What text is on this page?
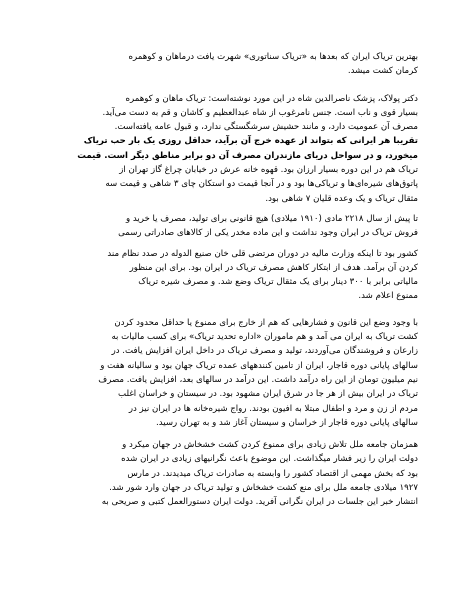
بهترین تریاک ایران که بعدها به «تریاک سناتوری» شهرت یافت درماهان و کوهمره
کرمان کشت میشد.

دکتر پولاک، پزشک ناصرالدین شاه در این مورد نوشته‌است: تریاک ماهان و کوهمره
بسیار قوی و ناب است. جنس نامرغوب از شاه عبدالعظیم و کاشان و قم به دست می‌آید.
مصرف آن عمومیت دارد، و مانند حشیش سرشگستگی ندارد، و قبول عامه یافته‌است.
تقریبا هر ایرانی که بتواند از عهده خرج آن برآید، حداقل روزی یک بار حب تریاک
میخورد، و در سواحل دریای مازندران مصرف آن دو برابر مناطق دیگر است. قیمت
تریاک هم در این دوره بسیار ارزان بود. قهوه خانه عرش در خیابان چراغ گاز تهران از
پاتوق‌های شیره‌ای‌ها و تریاکی‌ها بود و در آنجا قیمت دو استکان چای ۳ شاهی و قیمت سه
مثقال تریاک و یک وعده قلیان ۷ شاهی بود.

تا پیش از سال ۲۲۱۸ مادی (۱۹۱۰ میلادی) هیچ قانونی برای تولید، مصرف یا خرید و
فروش تریاک در ایران وجود نداشت و این ماده مخدر یکی از کالاهای صادراتی رسمی

کشور بود تا اینکه وزارت مالیه در دوران مرتضی قلی خان صنیع الدوله در صدد نظام مند
کردن آن برآمد. هدف از ابتکار کاهش مصرف تریاک در ایران بود. برای این منظور
مالیاتی برابر با ۳۰۰ دینار برای یک مثقال تریاک وضع شد. و مصرف شیره تریاک
ممنوع اعلام شد.

با وجود وضع این قانون و فشارهایی که هم از خارج برای ممنوع یا حداقل محدود کردن
کشت تریاک به ایران می آمد و هم ماموران «اداره تحدید تریاک» برای کسب مالیات به
زارعان و فروشندگان می‌آوردند، تولید و مصرف تریاک در داخل ایران افزایش یافت. در
سالهای پایانی دوره قاجار، ایران از تامین کنندههای عمده تریاک جهان بود و سالیانه هفت و
نیم میلیون تومان از این راه درآمد داشت. این درآمد در سالهای بعد، افزایش یافت. مصرف
تریاک در ایران بیش از هر جا در شرق ایران مشهود بود. در سیستان و خراسان اغلب
مردم از زن و مرد و اطفال مبتلا به افیون بودند. رواج شیره‌خانه ها در ایران نیز در
سالهای پایانی دوره قاجار از خراسان و سیستان آغاز شد و به تهران رسید.

همزمان جامعه ملل تلاش زیادی برای ممنوع کردن کشت خشخاش در جهان میکرد و
دولت ایران را زیر فشار میگذاشت. این موضوع باعث نگرانیهای زیادی در ایران شده
بود که بخش مهمی از اقتصاد کشور را وابسته به صادرات تریاک میدیدند. در مارس
۱۹۲۷ میلادی جامعه ملل برای منع کشت خشخاش و تولید تریاک در جهان وارد شور شد.
انتشار خبر این جلسات در ایران نگرانی آفرید. دولت ایران دستورالعمل کتبی و صریحی به
